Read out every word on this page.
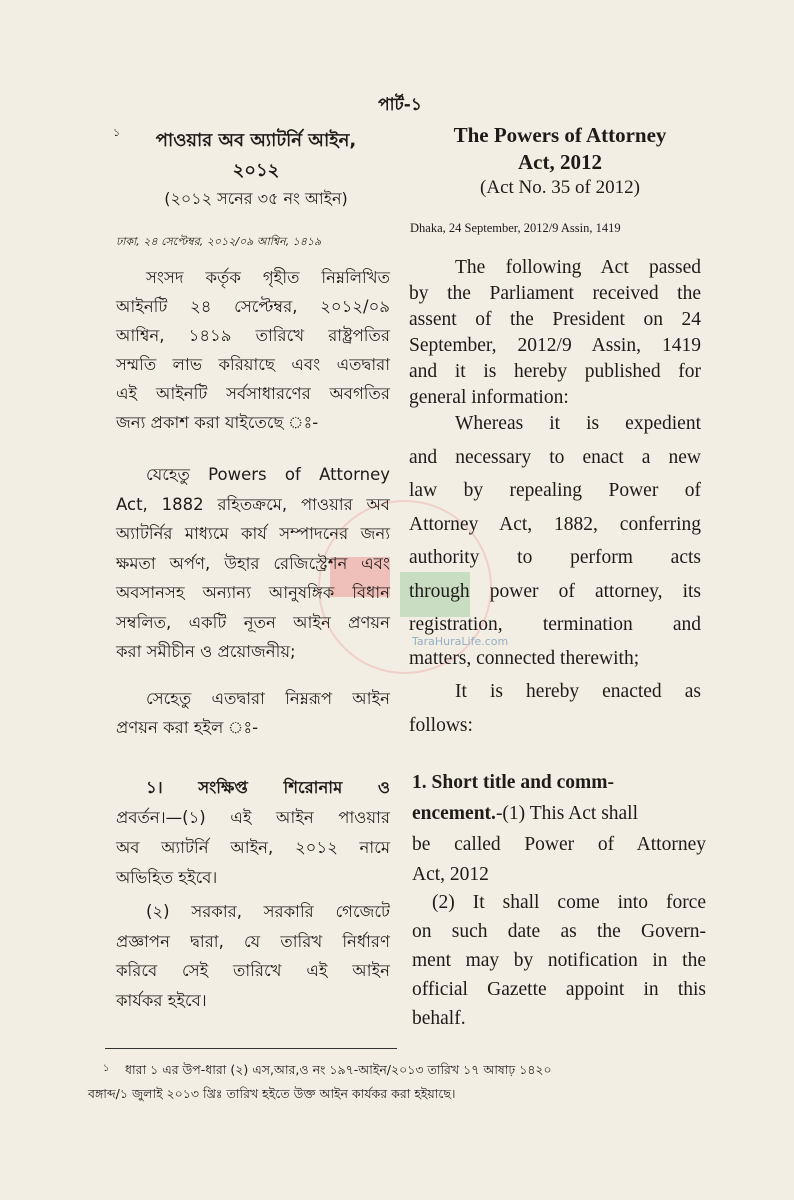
TaraHuraLife.com
পার্ট-১
১	পাওয়ার অব অ্যাটর্নি আইন,
২০১২
(২০১২ সনের ৩৫ নং আইন)
ঢাকা, ২৪ সেপ্টেম্বর, ২০১২/০৯ আশ্বিন, ১৪১৯
সংসদ কর্তৃক গৃহীত নিম্নলিখিত
আইনটি ২৪ সেপ্টেম্বর, ২০১২/০৯
আশ্বিন, ১৪১৯ তারিখে রাষ্ট্রপতির
সম্মতি লাভ করিয়াছে এবং এতদ্বারা
এই আইনটি সর্বসাধারণের অবগতির
জন্য প্রকাশ করা যাইতেছে ঃ-
যেহেতু Powers of Attorney
Act, 1882 রহিতক্রমে, পাওয়ার অব
অ্যাটর্নির মাধ্যমে কার্য সম্পাদনের জন্য
ক্ষমতা অর্পণ, উহার রেজিস্ট্রেশন এবং
অবসানসহ অন্যান্য আনুষঙ্গিক বিধান
সম্বলিত, একটি নূতন আইন প্রণয়ন
করা সমীচীন ও প্রয়োজনীয়;
সেহেতু এতদ্বারা নিম্নরূপ আইন
প্রণয়ন করা হইল ঃ-
১। সংক্ষিপ্ত শিরোনাম ও
প্রবর্তন।—(১) এই আইন পাওয়ার
অব অ্যাটর্নি আইন, ২০১২ নামে
অভিহিত হইবে।
(২) সরকার, সরকারি গেজেটে
প্রজ্ঞাপন দ্বারা, যে তারিখ নির্ধারণ
করিবে সেই তারিখে এই আইন
কার্যকর হইবে।
The Powers of Attorney
Act, 2012
(Act No. 35 of 2012)
Dhaka, 24 September, 2012/9 Assin, 1419
The following Act passed
by the Parliament received the
assent of the President on 24
September, 2012/9 Assin, 1419
and it is hereby published for
general information:
Whereas it is expedient
and necessary to enact a new
law by repealing Power of
Attorney Act, 1882, conferring
authority to perform acts
through power of attorney, its
registration, termination and
matters, connected therewith;
It is hereby enacted as
follows:
be called Power of Attorney
Act, 2012
(2) It shall come into force
on such date as the Govern-
ment may by notification in the
official Gazette appoint in this
behalf.
1. Short title and comm-
encement.-(1) This Act shall
১ ধারা ১ এর উপ-ধারা (২) এস,আর,ও নং ১৯৭-আইন/২০১৩ তারিখ ১৭ আষাঢ় ১৪২০
বঙ্গাব্দ/১ জুলাই ২০১৩ খ্রিঃ তারিখ হইতে উক্ত আইন কার্যকর করা হইয়াছে।
